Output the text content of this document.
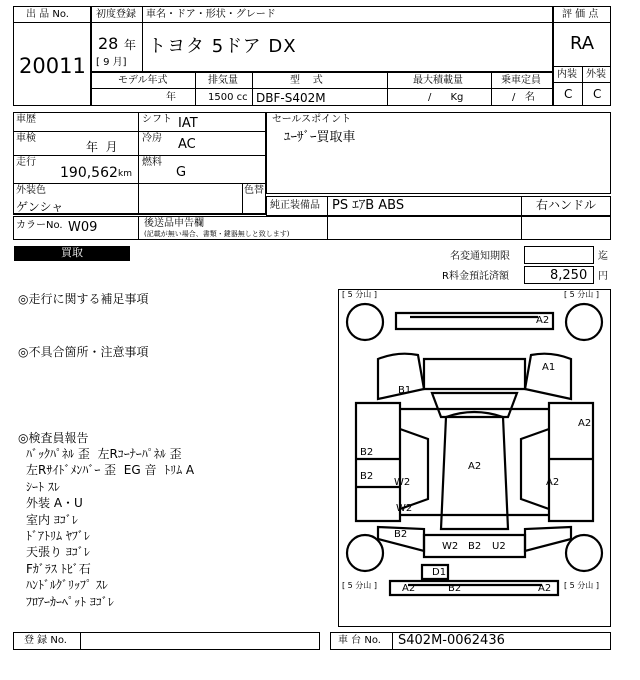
出 品 No.
20011
初度登録 車名・ドア・形状・グレード
28 年
[ 9 月]
トヨタ 5ドア DX
評 価 点
RA
内装 外装
C C
モデル年式	排気量	型    式	最大積載量	乗車定員
年	1500 cc DBF-S402M	/      Kg	/   名
車歴	シフト IAT
車検
年  月
冷房 AC
走行
190,562 km
燃料
G
セールスポイント
ﾕｰｻﾞｰ買取車
外装色
ゲンシャ
色替
純正装備品 PS ｴｱB ABS	右ハンドル
カラーNo. W09	後送品申告欄
(記載が無い場合、書類・鍵器無しと致します)
買取	名変通知期限	迄
R料金預託済額	8,250 円
◎走行に関する補足事項
◎不具合箇所・注意事項
◎検査員報告
ﾊﾞｯｸﾊﾟﾈﾙ 歪  左Rｺｰﾅｰﾊﾟﾈﾙ 歪
左Rｻｲﾄﾞﾒﾝﾊﾞｰ 歪  EG 音  ﾄﾘﾑ A
ｼｰﾄ ｽﾚ
外装 A・U
室内 ﾖｺﾞﾚ
ﾄﾞｱﾄﾘﾑ ﾔﾌﾞﾚ
天張り ﾖｺﾞﾚ
Fｶﾞﾗｽ ﾄﾋﾞ石
ﾊﾝﾄﾞﾙｸﾞﾘｯﾌﾟ ｽﾚ
ﾌﾛｱｰｶｰﾍﾟｯﾄ ﾖｺﾞﾚ
[ 5 分山 ]	[ 5 分山 ]
[ 5 分山 ]	[ 5 分山 ]
A2
A1
B1
A2
B2
B2
W2
A2
A2
W2
B2
W2 B2 U2
D1
A2	B2	A2
登 録 No.	車 台 No. S402M-0062436
